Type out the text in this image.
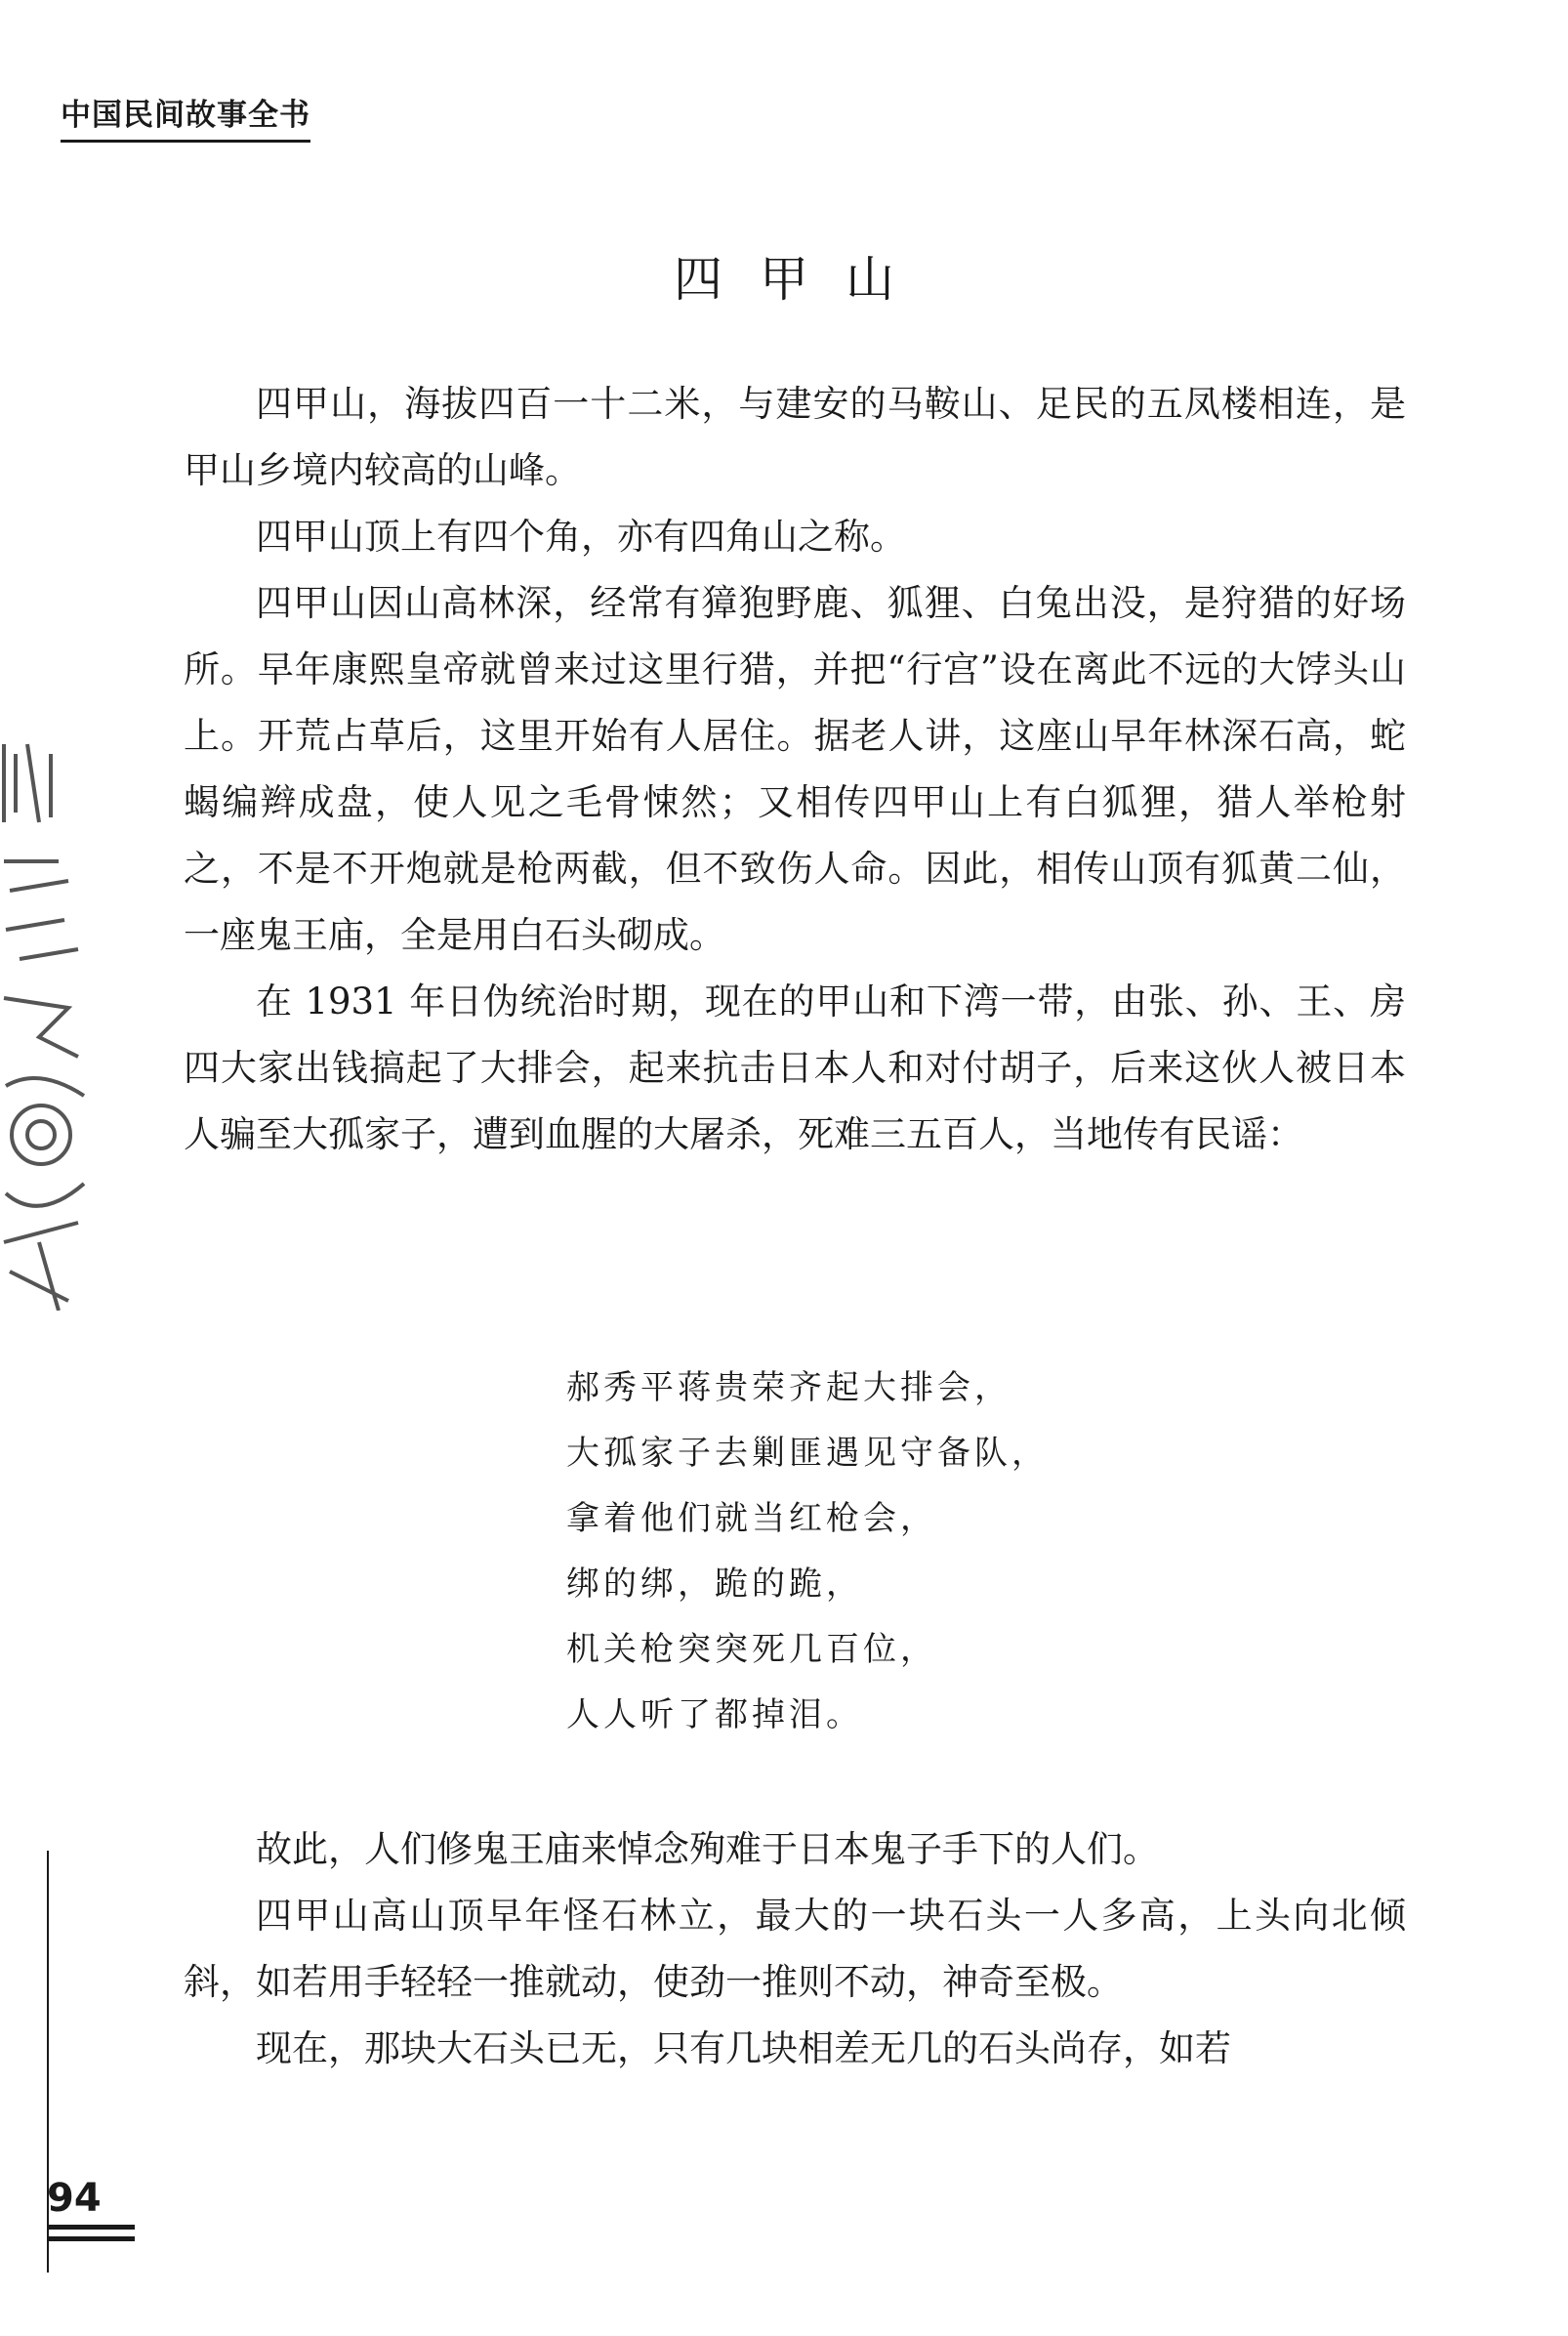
中国民间故事全书
四甲山

四甲山，海拔四百一十二米，与建安的马鞍山、足民的五凤楼相连，是甲山乡境内较高的山峰。

四甲山顶上有四个角，亦有四角山之称。

四甲山因山高林深，经常有獐狍野鹿、狐狸、白兔出没，是狩猎的好场所。早年康熙皇帝就曾来过这里行猎，并把“行宫”设在离此不远的大饽头山上。开荒占草后，这里开始有人居住。据老人讲，这座山早年林深石高，蛇蝎编辫成盘，使人见之毛骨悚然；又相传四甲山上有白狐狸，猎人举枪射之，不是不开炮就是枪两截，但不致伤人命。因此，相传山顶有狐黄二仙，一座鬼王庙，全是用白石头砌成。

在 1931 年日伪统治时期，现在的甲山和下湾一带，由张、孙、王、房四大家出钱搞起了大排会，起来抗击日本人和对付胡子，后来这伙人被日本人骗至大孤家子，遭到血腥的大屠杀，死难三五百人，当地传有民谣：

郝秀平蒋贵荣齐起大排会，
大孤家子去剿匪遇见守备队，
拿着他们就当红枪会，
绑的绑，跪的跪，
机关枪突突死几百位，
人人听了都掉泪。

故此，人们修鬼王庙来悼念殉难于日本鬼子手下的人们。

四甲山高山顶早年怪石林立，最大的一块石头一人多高，上头向北倾斜，如若用手轻轻一推就动，使劲一推则不动，神奇至极。

现在，那块大石头已无，只有几块相差无几的石头尚存，如若

94
